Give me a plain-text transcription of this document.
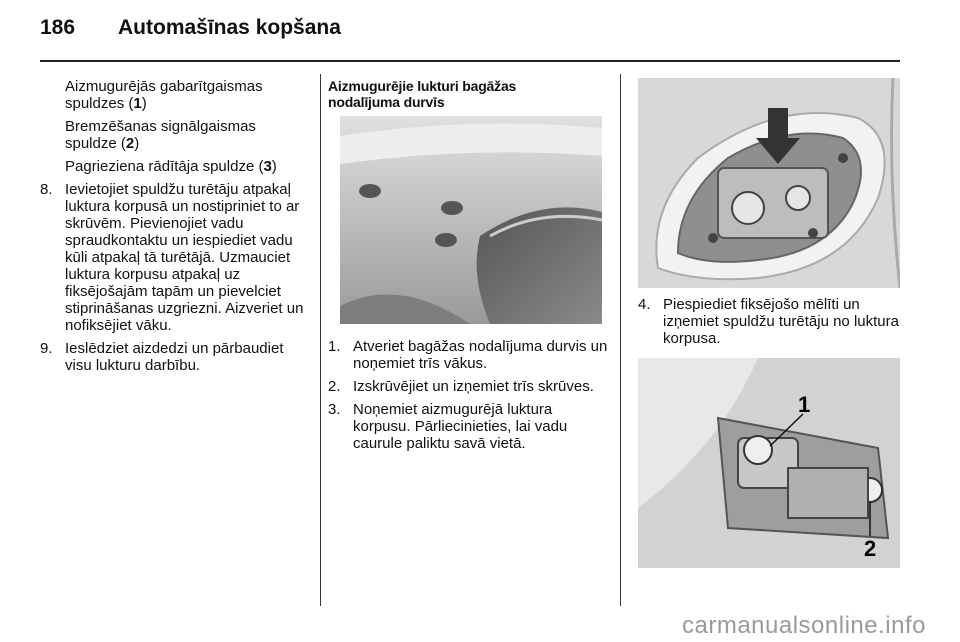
186 Automašīnas kopšana

Aizmugurējās gabarītgaismas spuldzes (1)

Bremzēšanas signālgaismas spuldze (2)

Pagrieziena rādītāja spuldze (3)

8. Ievietojiet spuldžu turētāju atpakaļ luktura korpusā un nostipriniet to ar skrūvēm. Pievienojiet vadu spraudkontaktu un iespiediet vadu kūli atpakaļ tā turētājā. Uzmauciet luktura korpusu atpakaļ uz fiksējošajām tapām un pievelciet stiprināšanas uzgriezni. Aizveriet un nofiksējiet vāku.
9. Ieslēdziet aizdedzi un pārbaudiet visu lukturu darbību.
Aizmugurējie lukturi bagāžas nodalījuma durvīs
1. Atveriet bagāžas nodalījuma durvis un noņemiet trīs vākus.
2. Izskrūvējiet un izņemiet trīs skrūves.
3. Noņemiet aizmugurējā luktura korpusu. Pārliecinieties, lai vadu caurule paliktu savā vietā.
4. Piespiediet fiksējošo mēlīti un izņemiet spuldžu turētāju no luktura korpusa.
1
2
carmanualsonline.info
